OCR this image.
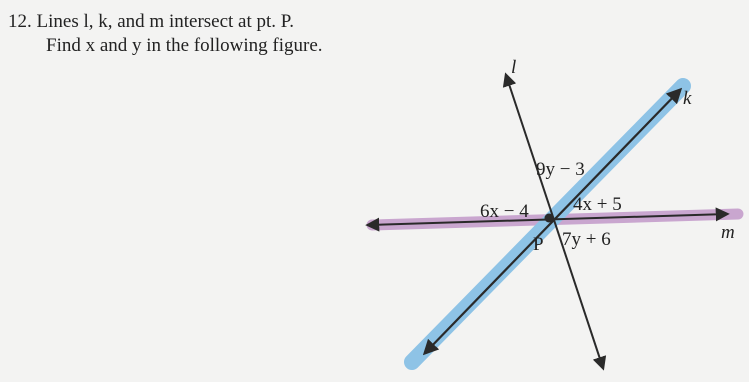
12. Lines l, k, and m intersect at pt. P.
Find x and y in the following figure.
l
k
m
P
9y − 3
6x − 4 4x + 5
7y + 6
